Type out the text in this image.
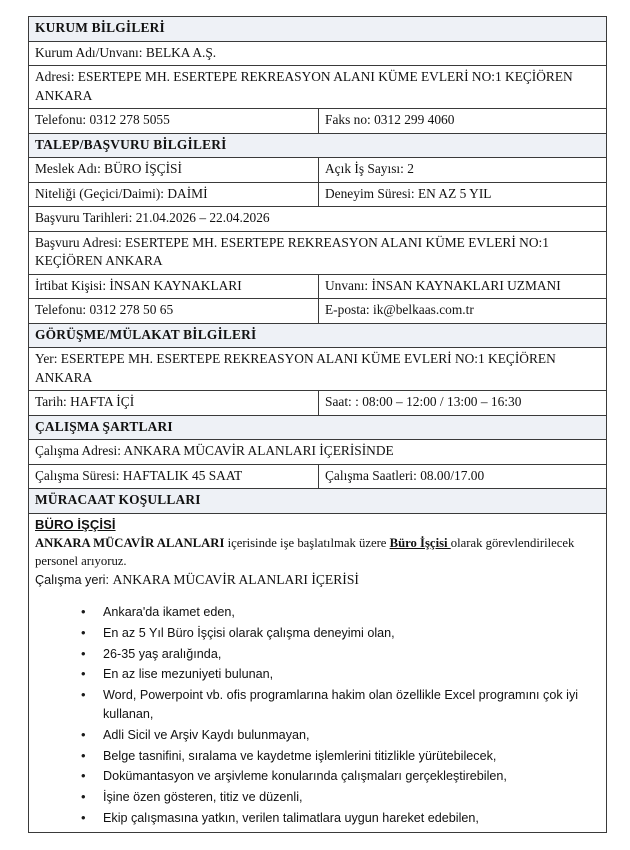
KURUM BİLGİLERİ	
Kurum Adı/Unvanı: BELKA A.Ş.	
Adresi: ESERTEPE MH. ESERTEPE REKREASYON ALANI KÜME EVLERİ NO:1 KEÇİÖREN ANKARA	
Telefonu: 0312 278 5055	Faks no: 0312 299 4060
TALEP/BAŞVURU BİLGİLERİ	
Meslek Adı: BÜRO İŞÇİSİ	Açık İş Sayısı: 2
Niteliği (Geçici/Daimi): DAİMİ	Deneyim Süresi: EN AZ 5 YIL
Başvuru Tarihleri: 21.04.2026 – 22.04.2026	
Başvuru Adresi: ESERTEPE MH. ESERTEPE REKREASYON ALANI KÜME EVLERİ NO:1 KEÇİÖREN ANKARA	
İrtibat Kişisi: İNSAN KAYNAKLARI	Unvanı: İNSAN KAYNAKLARI UZMANI
Telefonu: 0312 278 50 65	E-posta: ik@belkaas.com.tr
GÖRÜŞME/MÜLAKAT BİLGİLERİ	
Yer: ESERTEPE MH. ESERTEPE REKREASYON ALANI KÜME EVLERİ NO:1 KEÇİÖREN ANKARA	
Tarih: HAFTA İÇİ	Saat: : 08:00 – 12:00 / 13:00 – 16:30
ÇALIŞMA ŞARTLARI	
Çalışma Adresi: ANKARA MÜCAVİR ALANLARI İÇERİSİNDE	
Çalışma Süresi: HAFTALIK 45 SAAT	Çalışma Saatleri: 08.00/17.00
MÜRACAAT KOŞULLARI	

BÜRO İŞÇİSİ

ANKARA MÜCAVİR ALANLARI içerisinde işe başlatılmak üzere Büro İşçisi olarak görevlendirilecek personel arıyoruz.

Çalışma yeri: ANKARA MÜCAVİR ALANLARI İÇERİSİ

• Ankara'da ikamet eden,
• En az 5 Yıl Büro İşçisi olarak çalışma deneyimi olan,
• 26-35 yaş aralığında,
• En az lise mezuniyeti bulunan,
• Word, Powerpoint vb. ofis programlarına hakim olan özellikle Excel programını çok iyi kullanan,
• Adli Sicil ve Arşiv Kaydı bulunmayan,
• Belge tasnifini, sıralama ve kaydetme işlemlerini titizlikle yürütebilecek,
• Dokümantasyon ve arşivleme konularında çalışmaları gerçekleştirebilen,
• İşine özen gösteren, titiz ve düzenli,
• Ekip çalışmasına yatkın, verilen talimatlara uygun hareket edebilen,
